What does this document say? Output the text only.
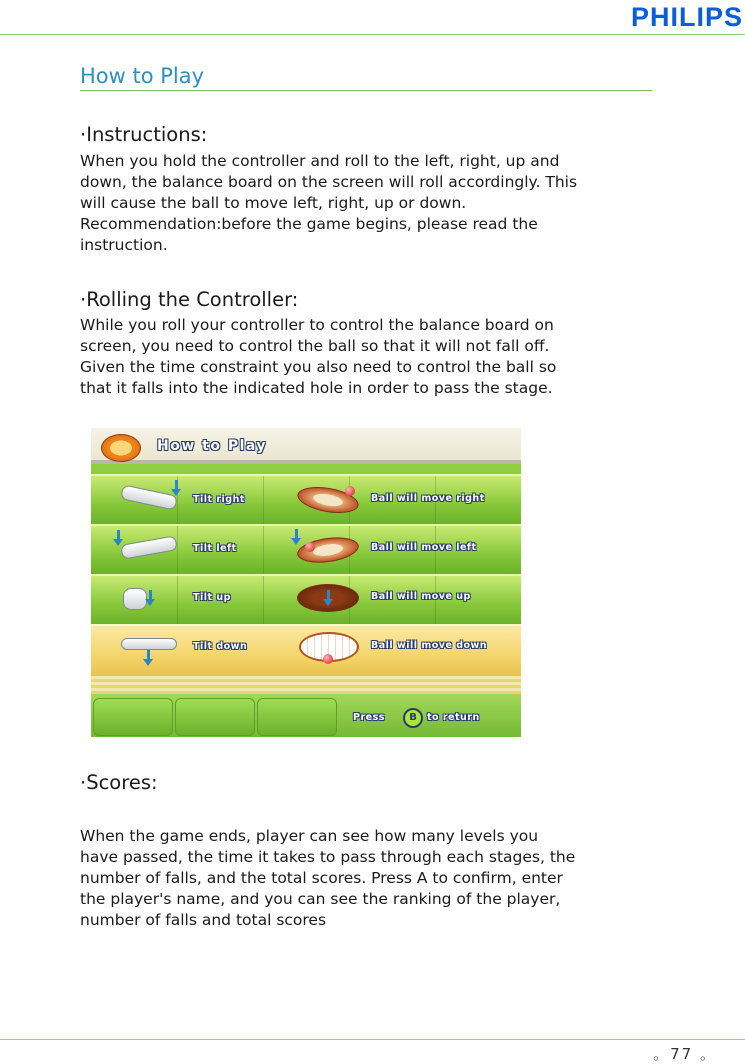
PHILIPS
How to Play
·Instructions:
When you hold the controller and roll to the left, right, up and
down, the balance board on the screen will roll accordingly. This
will cause the ball to move left, right, up or down.
Recommendation:before the game begins, please read the
instruction.
·Rolling the Controller:
While you roll your controller to control the balance board on
screen, you need to control the ball so that it will not fall off.
Given the time constraint you also need to control the ball so
that it falls into the indicated hole in order to pass the stage.
How to Play
Tilt right	Ball will move right
Tilt left	Ball will move left
Tilt up	Ball will move up
Tilt down	Ball will move down
Press	B	to return
·Scores:
When the game ends, player can see how many levels you
have passed, the time it takes to pass through each stages, the
number of falls, and the total scores. Press A to confirm, enter
the player's name, and you can see the ranking of the player,
number of falls and total scores
。77 。
